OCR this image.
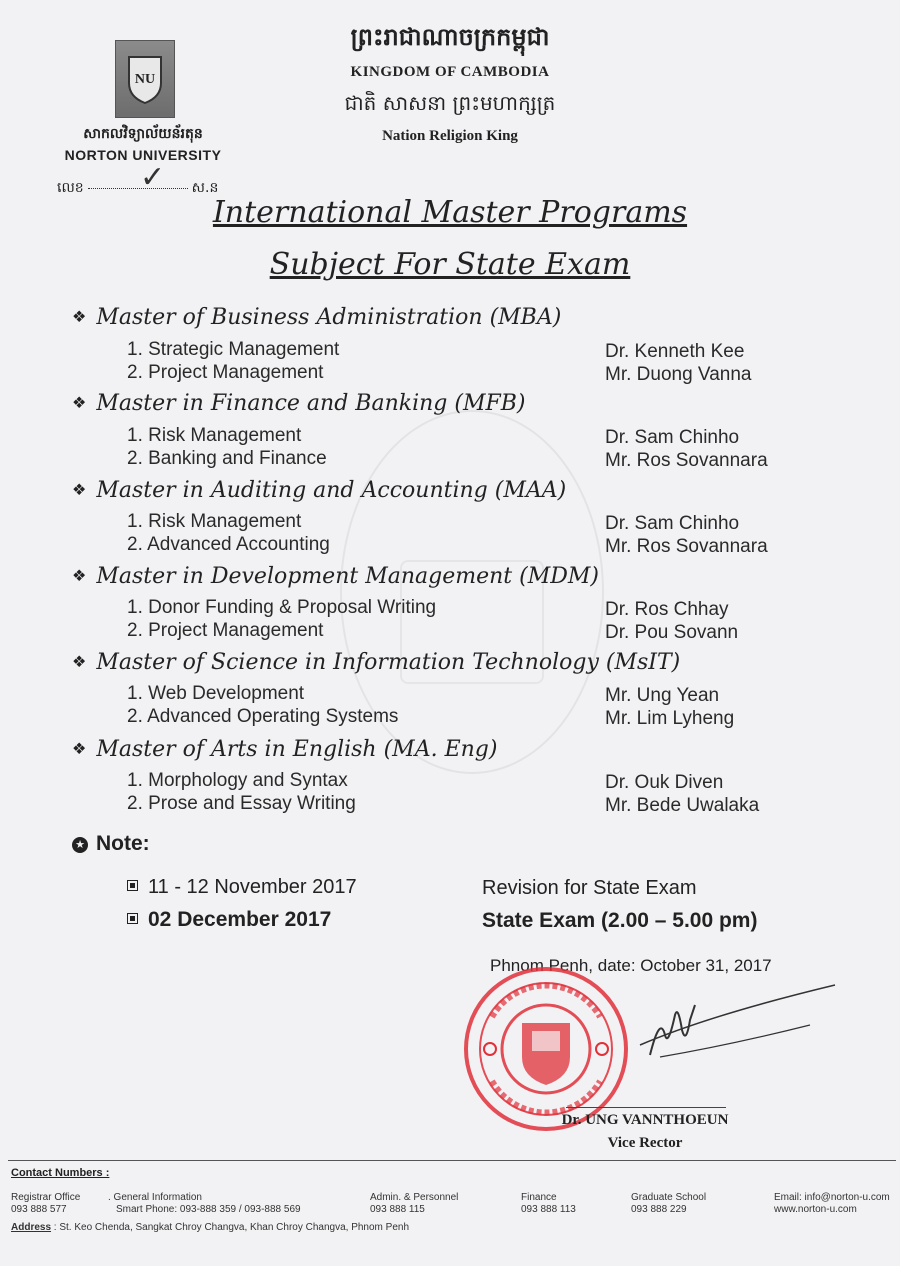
NU
សាកលវិទ្យាល័យន័រតុន
NORTON UNIVERSITY
ព្រះរាជាណាចក្រកម្ពុជា
KINGDOM OF CAMBODIA
ជាតិ សាសនា ព្រះមហាក្សត្រ
Nation Religion King
លេខ	ស.ន
✓
International Master Programs
Subject For State Exam
❖ Master of Business Administration (MBA)
1. Strategic Management	Dr. Kenneth Kee
2. Project Management	Mr. Duong Vanna
❖ Master in Finance and Banking (MFB)
1. Risk Management	Dr. Sam Chinho
2. Banking and Finance	Mr. Ros Sovannara
❖ Master in Auditing and Accounting (MAA)
1. Risk Management	Dr. Sam Chinho
2. Advanced Accounting	Mr. Ros Sovannara
❖ Master in Development Management (MDM)
1. Donor Funding & Proposal Writing	Dr. Ros Chhay
2. Project Management	Dr. Pou Sovann
❖ Master of Science in Information Technology (MsIT)
1. Web Development	Mr. Ung Yean
2. Advanced Operating Systems	Mr. Lim Lyheng
❖ Master of Arts in English (MA. Eng)
1. Morphology and Syntax	Dr. Ouk Diven
2. Prose and Essay Writing	Mr. Bede Uwalaka
★ Note:
11 - 12 November 2017	Revision for State Exam
02 December 2017	State Exam (2.00 – 5.00 pm)
Phnom Penh, date: October 31, 2017
Dr. UNG VANNTHOEUN
Vice Rector
Contact Numbers :
Registrar Office
093 888 577
. General Information
Smart Phone: 093-888 359 / 093-888 569
Admin. & Personnel
093 888 115
Finance
093 888 113
Graduate School
093 888 229
Email: info@norton-u.com
www.norton-u.com
Address : St. Keo Chenda, Sangkat Chroy Changva, Khan Chroy Changva, Phnom Penh
